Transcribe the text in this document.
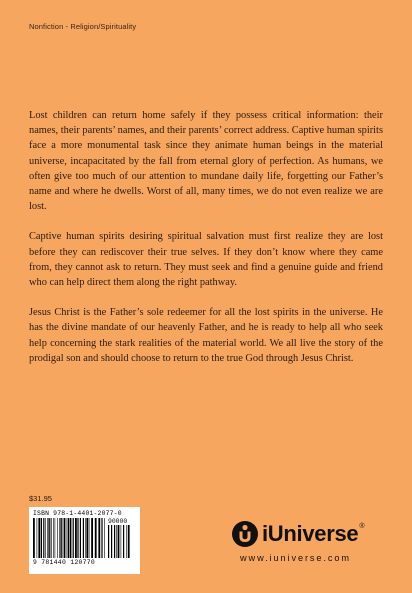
Nonfiction - Religion/Spirituality

Lost children can return home safely if they possess critical information: their names, their parents’ names, and their parents’ correct address. Captive human spirits face a more monumental task since they animate human beings in the material universe, incapacitated by the fall from eternal glory of perfection. As humans, we often give too much of our attention to mundane daily life, forgetting our Father’s name and where he dwells. Worst of all, many times, we do not even realize we are lost.

Captive human spirits desiring spiritual salvation must first realize they are lost before they can rediscover their true selves. If they don’t know where they came from, they cannot ask to return. They must seek and find a genuine guide and friend who can help direct them along the right pathway.

Jesus Christ is the Father’s sole redeemer for all the lost spirits in the universe. He has the divine mandate of our heavenly Father, and he is ready to help all who seek help concerning the stark realities of the material world. We all live the story of the prodigal son and should choose to return to the true God through Jesus Christ.

$31.95
ISBN 978-1-4401-2077-0
90000
9 781440 120770
iUniverse ®
www.iuniverse.com
